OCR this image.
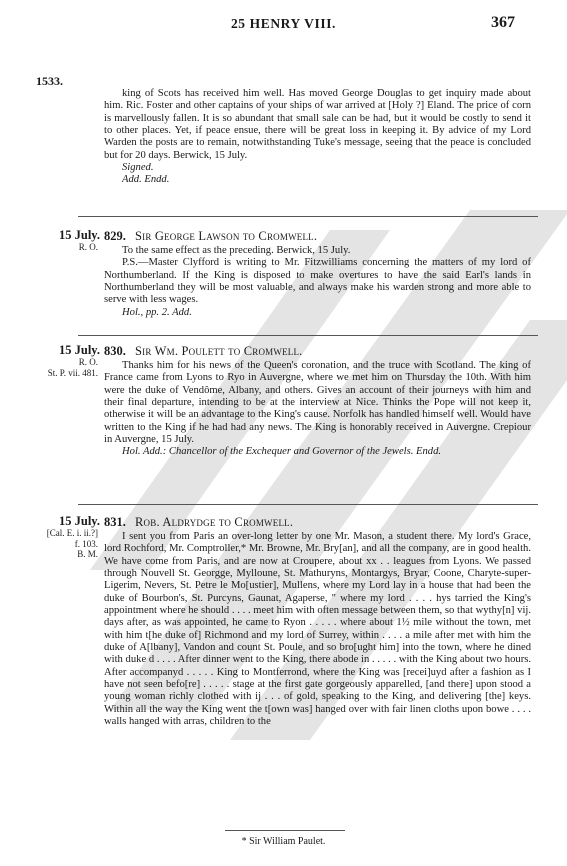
25 HENRY VIII.	367
1533.

king of Scots has received him well. Has moved George Douglas to get inquiry made about him. Ric. Foster and other captains of your ships of war arrived at [Holy ?] Eland. The price of corn is marvellously fallen. It is so abundant that small sale can be had, but it would be costly to send it to other places. Yet, if peace ensue, there will be great loss in keeping it. By advice of my Lord Warden the posts are to remain, notwithstanding Tuke's message, seeing that the peace is concluded but for 20 days. Berwick, 15 July.

Signed.

Add. Endd.

15 July.
R. O.
829. Sir George Lawson to Cromwell.

To the same effect as the preceding. Berwick, 15 July.

P.S.—Master Clyfford is writing to Mr. Fitzwilliams concerning the matters of my lord of Northumberland. If the King is disposed to make overtures to have the said Earl's lands in Northumberland they will be most valuable, and always make his warden strong and more able to serve with less wages.

Hol., pp. 2. Add.

15 July.
R. O.
St. P. vii. 481.
830. Sir Wm. Poulett to Cromwell.

Thanks him for his news of the Queen's coronation, and the truce with Scotland. The king of France came from Lyons to Ryo in Auvergne, where we met him on Thursday the 10th. With him were the duke of Vendôme, Albany, and others. Gives an account of their journeys with him and their final departure, intending to be at the interview at Nice. Thinks the Pope will not keep it, otherwise it will be an advantage to the King's cause. Norfolk has handled himself well. Would have written to the King if he had had any news. The King is honorably received in Auvergne. Crepiour in Auvergne, 15 July.

Hol. Add.: Chancellor of the Exchequer and Governor of the Jewels. Endd.

15 July.
[Cal. E. i. ii.?]
f. 103.
B. M.
831. Rob. Aldrydge to Cromwell.

I sent you from Paris an over-long letter by one Mr. Mason, a student there. My lord's Grace, lord Rochford, Mr. Comptroller,* Mr. Browne, Mr. Bry[an], and all the company, are in good health. We have come from Paris, and are now at Croupere, about xx . . leagues from Lyons. We passed through Nouvell St. Georgge, Mylloune, St. Mathuryns, Montargys, Bryar, Coone, Charyte-super-Ligerim, Nevers, St. Petre le Mo[ustier], Mullens, where my Lord lay in a house that had been the duke of Bourbon's, St. Purcyns, Gaunat, Agaperse, " where my lord . . . . hys tarried the King's appointment where he should . . . . meet him with often message between them, so that wythy[n] vij. days after, as was appointed, he came to Ryon . . . . . where about 1½ mile without the town, met with him t[he duke of] Richmond and my lord of Surrey, within . . . . a mile after met with him the duke of A[lbany], Vandon and count St. Poule, and so bro[ught him] into the town, where he dined with duke d . . . . After dinner went to the King, there abode in . . . . . with the King about two hours. After accompanyd . . . . . King to Montferrond, where the King was [recei]uyd after a fashion as I have not seen befo[re] . . . . . stage at the first gate gorgeously apparelled, [and there] upon stood a young woman richly clothed with ij . . . of gold, speaking to the King, and delivering [the] keys. Within all the way the King went the t[own was] hanged over with fair linen cloths upon bowe . . . . walls hanged with arras, children to the

* Sir William Paulet.
